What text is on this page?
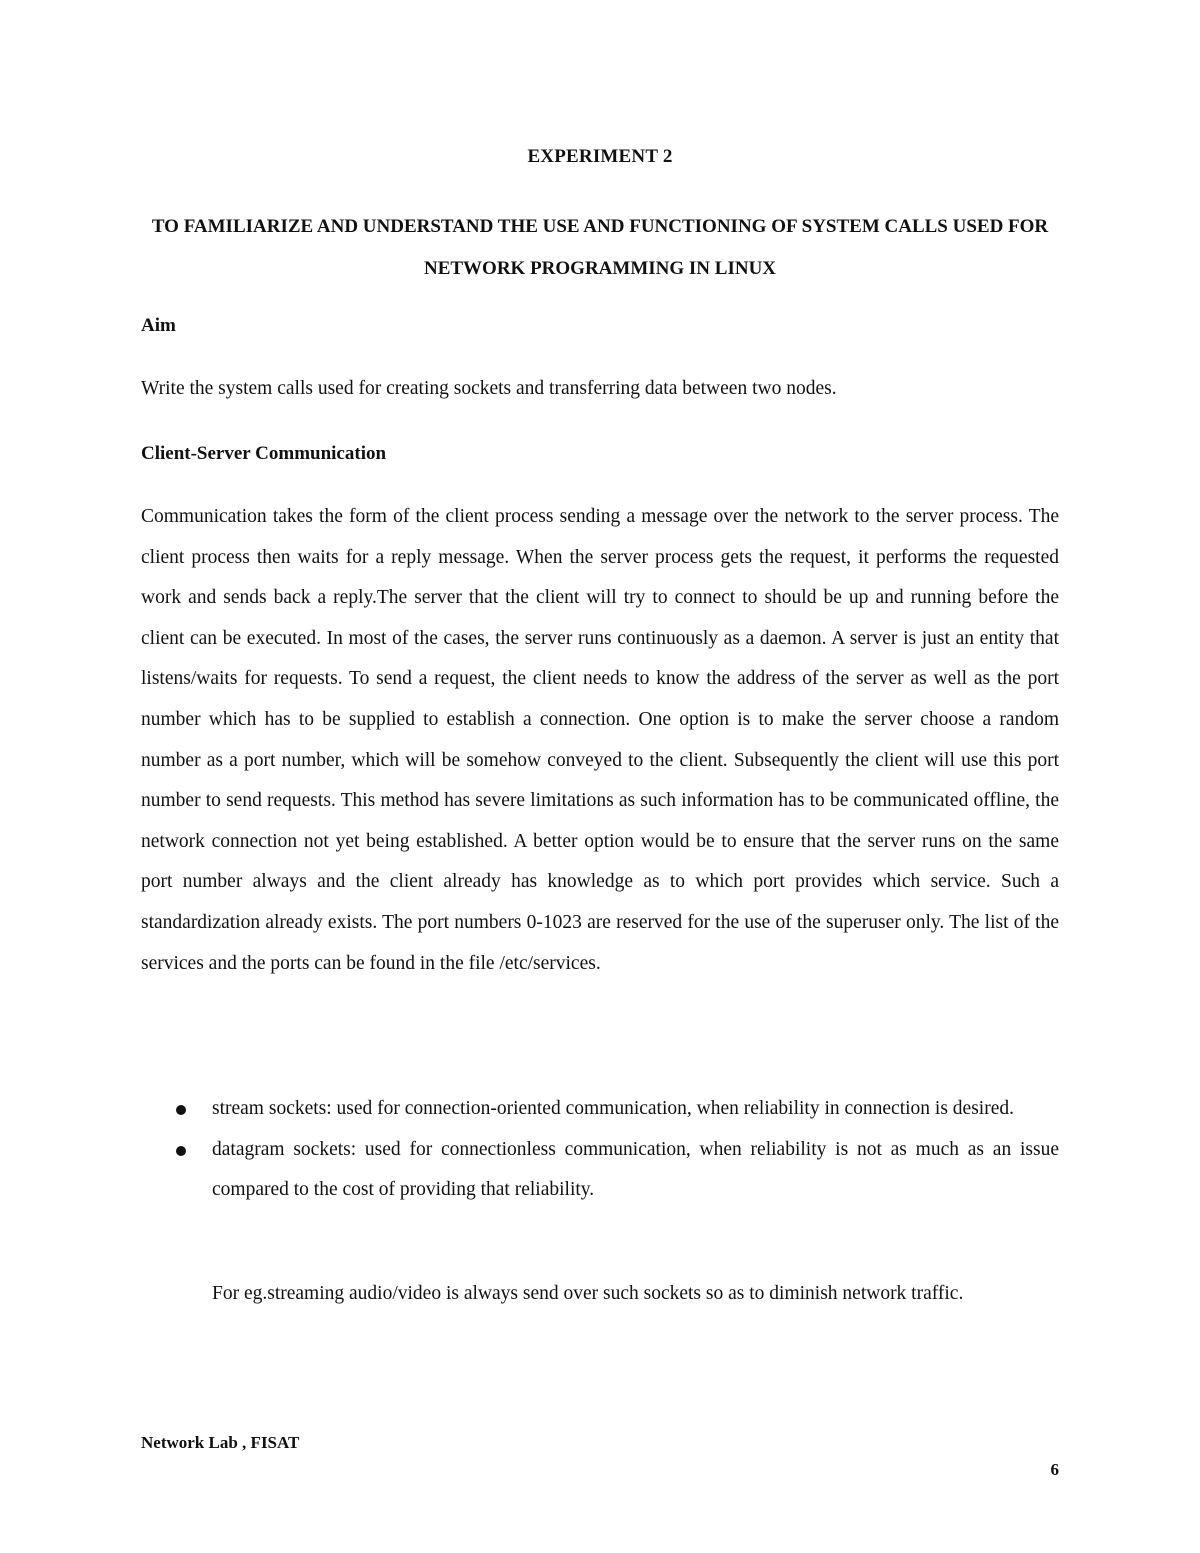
EXPERIMENT 2
TO FAMILIARIZE AND UNDERSTAND THE USE AND FUNCTIONING OF SYSTEM CALLS USED FOR NETWORK PROGRAMMING IN LINUX
Aim

Write the system calls used for creating sockets and transferring data between two nodes.

Client-Server Communication

Communication takes the form of the client process sending a message over the network to the server process. The client process then waits for a reply message. When the server process gets the request, it performs the requested work and sends back a reply.The server that the client will try to connect to should be up and running before the client can be executed. In most of the cases, the server runs continuously as a daemon. A server is just an entity that listens/waits for requests. To send a request, the client needs to know the address of the server as well as the port number which has to be supplied to establish a connection. One option is to make the server choose a random number as a port number, which will be somehow conveyed to the client. Subsequently the client will use this port number to send requests. This method has severe limitations as such information has to be communicated offline, the network connection not yet being established. A better option would be to ensure that the server runs on the same port number always and the client already has knowledge as to which port provides which service. Such a standardization already exists. The port numbers 0-1023 are reserved for the use of the superuser only. The list of the services and the ports can be found in the file /etc/services.

stream sockets: used for connection-oriented communication, when reliability in connection is desired.
datagram sockets: used for connectionless communication, when reliability is not as much as an issue compared to the cost of providing that reliability.

For eg.streaming audio/video is always send over such sockets so as to diminish network traffic.

Network Lab , FISAT
6
